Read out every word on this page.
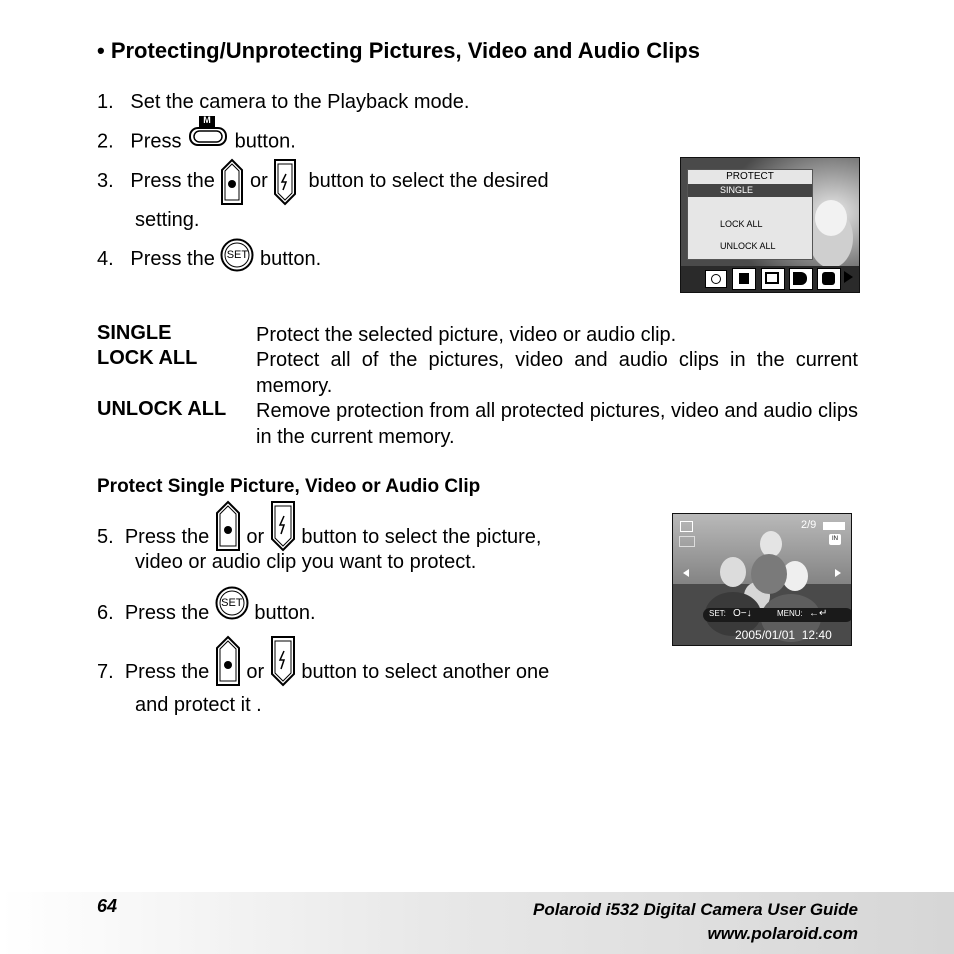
• Protecting/Unprotecting Pictures, Video and Audio Clips
1. Set the camera to the Playback mode.
2. Press
M
button.
3. Press the or button to select the desired
setting.
4. Press the	SET button.
PROTECT
SINGLE
LOCK ALL
UNLOCK ALL
SINGLE	Protect the selected picture, video or audio clip.
LOCK ALL	Protect all of the pictures, video and audio clips in the current memory.
UNLOCK ALL Remove protection from all protected pictures, video and audio clips in the current memory.
Protect Single Picture, Video or Audio Clip
5. Press the or button to select the picture,
video or audio clip you want to protect.
6. Press the	SET button.
7. Press the or button to select another one
and protect it .
2/9
IN
SET: O−↓	MENU: ←↵
2005/01/01  12:40
64	Polaroid i532 Digital Camera User Guide
www.polaroid.com
